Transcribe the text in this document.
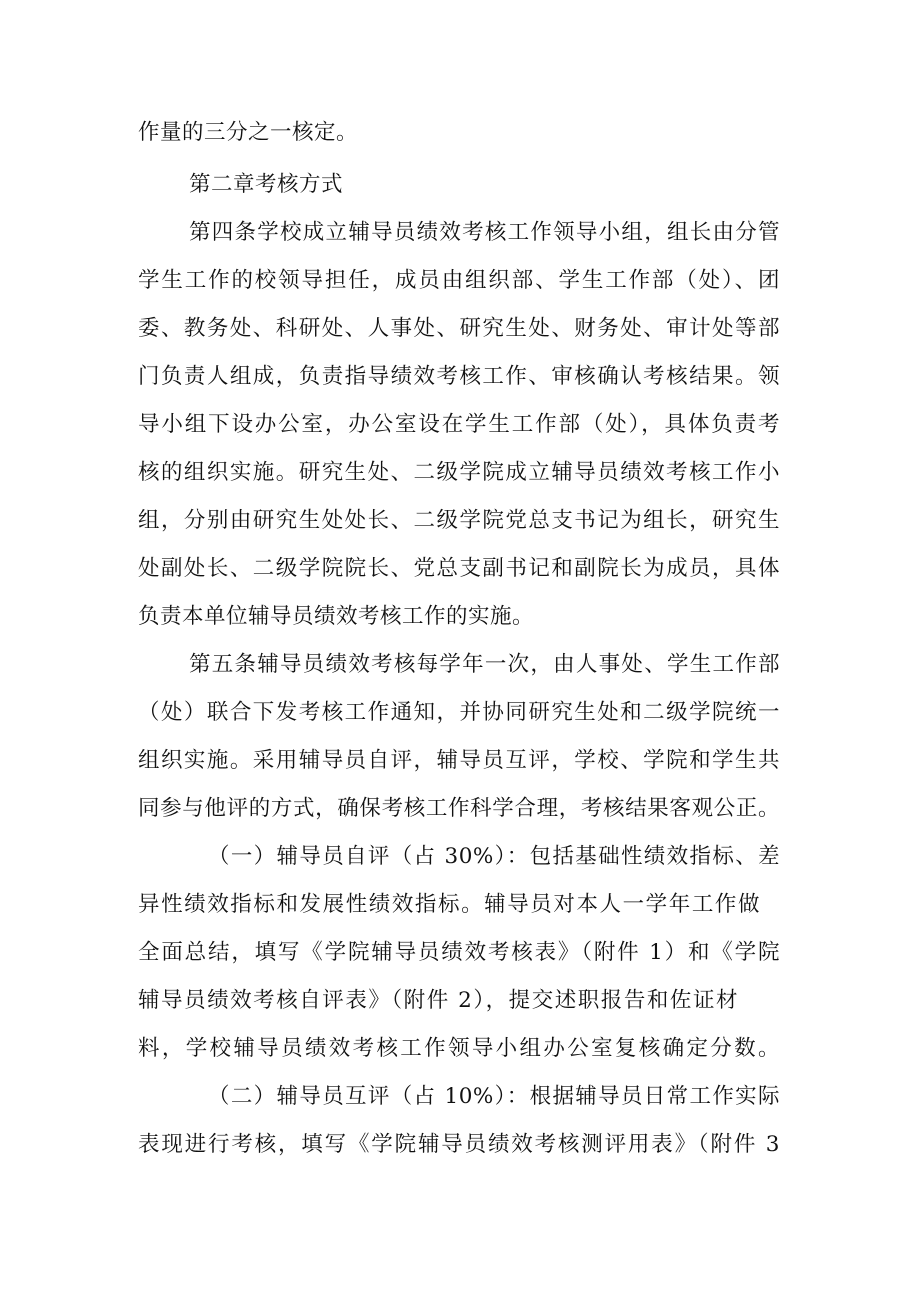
作量的三分之一核定。
第二章考核方式
第四条学校成立辅导员绩效考核工作领导小组，组长由分管
学生工作的校领导担任，成员由组织部、学生工作部（处）、团
委、教务处、科研处、人事处、研究生处、财务处、审计处等部
门负责人组成，负责指导绩效考核工作、审核确认考核结果。领
导小组下设办公室，办公室设在学生工作部（处），具体负责考
核的组织实施。研究生处、二级学院成立辅导员绩效考核工作小
组，分别由研究生处处长、二级学院党总支书记为组长，研究生
处副处长、二级学院院长、党总支副书记和副院长为成员，具体
负责本单位辅导员绩效考核工作的实施。
第五条辅导员绩效考核每学年一次，由人事处、学生工作部
（处）联合下发考核工作通知，并协同研究生处和二级学院统一
组织实施。采用辅导员自评，辅导员互评，学校、学院和学生共
同参与他评的方式，确保考核工作科学合理，考核结果客观公正。
（一）辅导员自评（占 30%）：包括基础性绩效指标、差
异性绩效指标和发展性绩效指标。辅导员对本人一学年工作做
全面总结，填写《学院辅导员绩效考核表》（附件 1）和《学院
辅导员绩效考核自评表》（附件 2），提交述职报告和佐证材
料，学校辅导员绩效考核工作领导小组办公室复核确定分数。
（二）辅导员互评（占 10%）：根据辅导员日常工作实际
表现进行考核，填写《学院辅导员绩效考核测评用表》（附件 3
